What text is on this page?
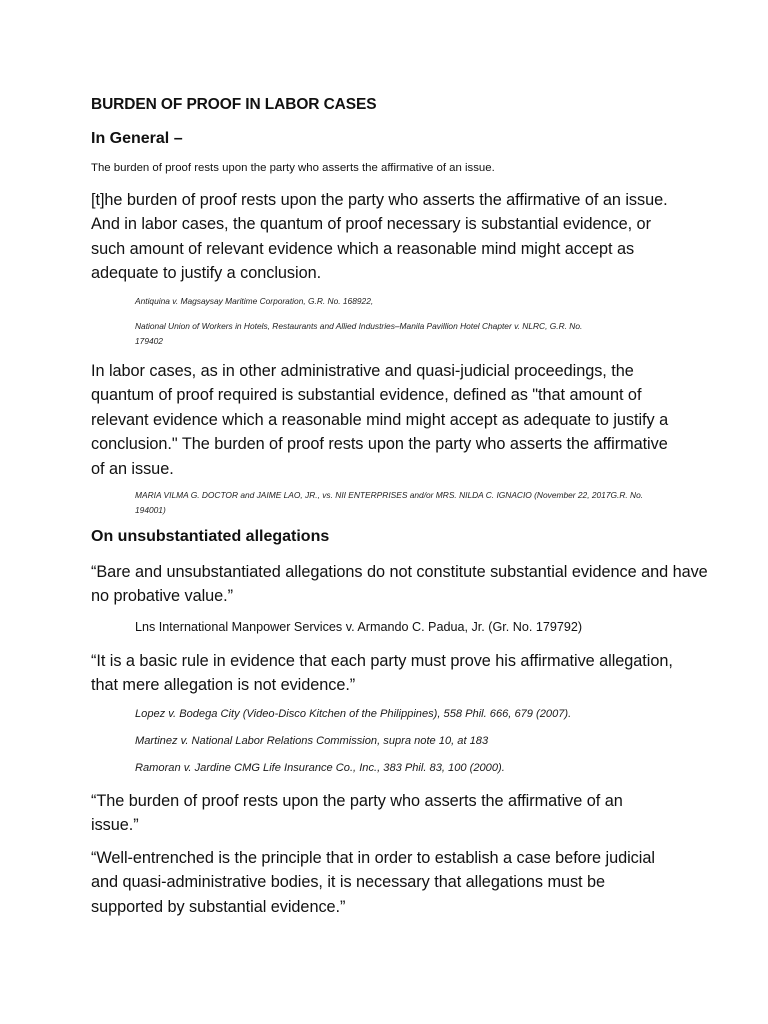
BURDEN OF PROOF IN LABOR CASES
In General –
The burden of proof rests upon the party who asserts the affirmative of an issue.
[t]he burden of proof rests upon the party who asserts the affirmative of an issue.
And in labor cases, the quantum of proof necessary is substantial evidence, or
such amount of relevant evidence which a reasonable mind might accept as
adequate to justify a conclusion.
Antiquina v. Magsaysay Maritime Corporation, G.R. No. 168922,
National Union of Workers in Hotels, Restaurants and Allied Industries–Manila Pavillion Hotel Chapter v. NLRC, G.R. No.
179402
In labor cases, as in other administrative and quasi-judicial proceedings, the
quantum of proof required is substantial evidence, defined as "that amount of
relevant evidence which a reasonable mind might accept as adequate to justify a
conclusion." The burden of proof rests upon the party who asserts the affirmative
of an issue.
MARIA VILMA G. DOCTOR and JAIME LAO, JR., vs. NII ENTERPRISES and/or MRS. NILDA C. IGNACIO (November 22, 2017G.R. No.
194001)
On unsubstantiated allegations
“Bare and unsubstantiated allegations do not constitute substantial evidence and have
no probative value.”
Lns International Manpower Services v. Armando C. Padua, Jr. (Gr. No. 179792)
“It is a basic rule in evidence that each party must prove his affirmative allegation,
that mere allegation is not evidence.”
Lopez v. Bodega City (Video-Disco Kitchen of the Philippines), 558 Phil. 666, 679 (2007).
Martinez v. National Labor Relations Commission, supra note 10, at 183
Ramoran v. Jardine CMG Life Insurance Co., Inc., 383 Phil. 83, 100 (2000).
“The burden of proof rests upon the party who asserts the affirmative of an
issue.”
“Well-entrenched is the principle that in order to establish a case before judicial
and quasi-administrative bodies, it is necessary that allegations must be
supported by substantial evidence.”
